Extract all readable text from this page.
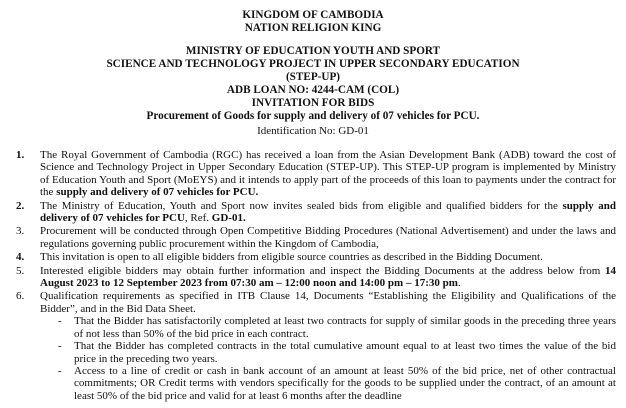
KINGDOM OF CAMBODIA
NATION RELIGION KING
MINISTRY OF EDUCATION YOUTH AND SPORT
SCIENCE AND TECHNOLOGY PROJECT IN UPPER SECONDARY EDUCATION
(STEP-UP)
ADB LOAN NO: 4244-CAM (COL)
INVITATION FOR BIDS
Procurement of Goods for supply and delivery of 07 vehicles for PCU.
Identification No: GD-01
1. The Royal Government of Cambodia (RGC) has received a loan from the Asian Development Bank (ADB) toward the cost of Science and Technology Project in Upper Secondary Education (STEP-UP). This STEP-UP program is implemented by Ministry of Education Youth and Sport (MoEYS) and it intends to apply part of the proceeds of this loan to payments under the contract for the supply and delivery of 07 vehicles for PCU.
2. The Ministry of Education, Youth and Sport now invites sealed bids from eligible and qualified bidders for the supply and delivery of 07 vehicles for PCU, Ref. GD-01.
3. Procurement will be conducted through Open Competitive Bidding Procedures (National Advertisement) and under the laws and regulations governing public procurement within the Kingdom of Cambodia,
4. This invitation is open to all eligible bidders from eligible source countries as described in the Bidding Document.
5. Interested eligible bidders may obtain further information and inspect the Bidding Documents at the address below from 14 August 2023 to 12 September 2023 from 07:30 am – 12:00 noon and 14:00 pm – 17:30 pm.
6. Qualification requirements as specified in ITB Clause 14, Documents “Establishing the Eligibility and Qualifications of the Bidder”, and in the Bid Data Sheet.
- That the Bidder has satisfactorily completed at least two contracts for supply of similar goods in the preceding three years of not less than 50% of the bid price in each contract.
- That the Bidder has completed contracts in the total cumulative amount equal to at least two times the value of the bid price in the preceding two years.
- Access to a line of credit or cash in bank account of an amount at least 50% of the bid price, net of other contractual commitments; OR Credit terms with vendors specifically for the goods to be supplied under the contract, of an amount at least 50% of the bid price and valid for at least 6 months after the deadline
